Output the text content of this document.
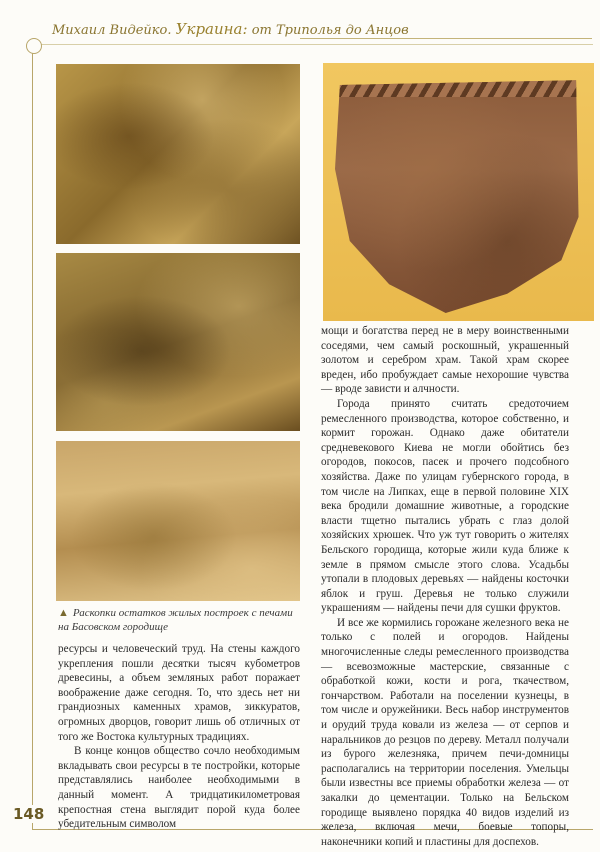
Михаил Видейко. Украина: от Триполья до Анцов
▲ Раскопки остатков жилых построек с печами на Басовском городище

ресурсы и человеческий труд. На стены каждого укрепления пошли десятки тысяч кубометров древесины, а объем земляных работ поражает воображение даже сегодня. То, что здесь нет ни грандиозных каменных храмов, зиккуратов, огромных дворцов, говорит лишь об отличных от того же Востока культурных традициях.

В конце концов общество сочло необходимым вкладывать свои ресурсы в те постройки, которые представлялись наиболее необходимыми в данный момент. А тридцатикилометровая крепостная стена выглядит порой куда более убедительным символом

мощи и богатства перед не в меру воинственными соседями, чем самый роскошный, украшенный золотом и серебром храм. Такой храм скорее вреден, ибо пробуждает самые нехорошие чувства — вроде зависти и алчности.

Города принято считать средоточием ремесленного производства, которое собственно, и кормит горожан. Однако даже обитатели средневекового Киева не могли обойтись без огородов, покосов, пасек и прочего подсобного хозяйства. Даже по улицам губернского города, в том числе на Липках, еще в первой половине XIX века бродили домашние животные, а городские власти тщетно пытались убрать с глаз долой хозяйских хрюшек. Что уж тут говорить о жителях Бельского городища, которые жили куда ближе к земле в прямом смысле этого слова. Усадьбы утопали в плодовых деревьях — найдены косточки яблок и груш. Деревья не только служили украшениям — найдены печи для сушки фруктов.

И все же кормились горожане железного века не только с полей и огородов. Найдены многочисленные следы ремесленного производства — всевозможные мастерские, связанные с обработкой кожи, кости и рога, ткачеством, гончарством. Работали на поселении кузнецы, в том числе и оружейники. Весь набор инструментов и орудий труда ковали из железа — от серпов и наральников до резцов по дереву. Металл получали из бурого железняка, причем печи-домницы располагались на территории поселения. Умельцы были известны все приемы обработки железа — от закалки до цементации. Только на Бельском городище выявлено порядка 40 видов изделий из железа, включая мечи, боевые топоры, наконечники копий и пластины для доспехов.

148
